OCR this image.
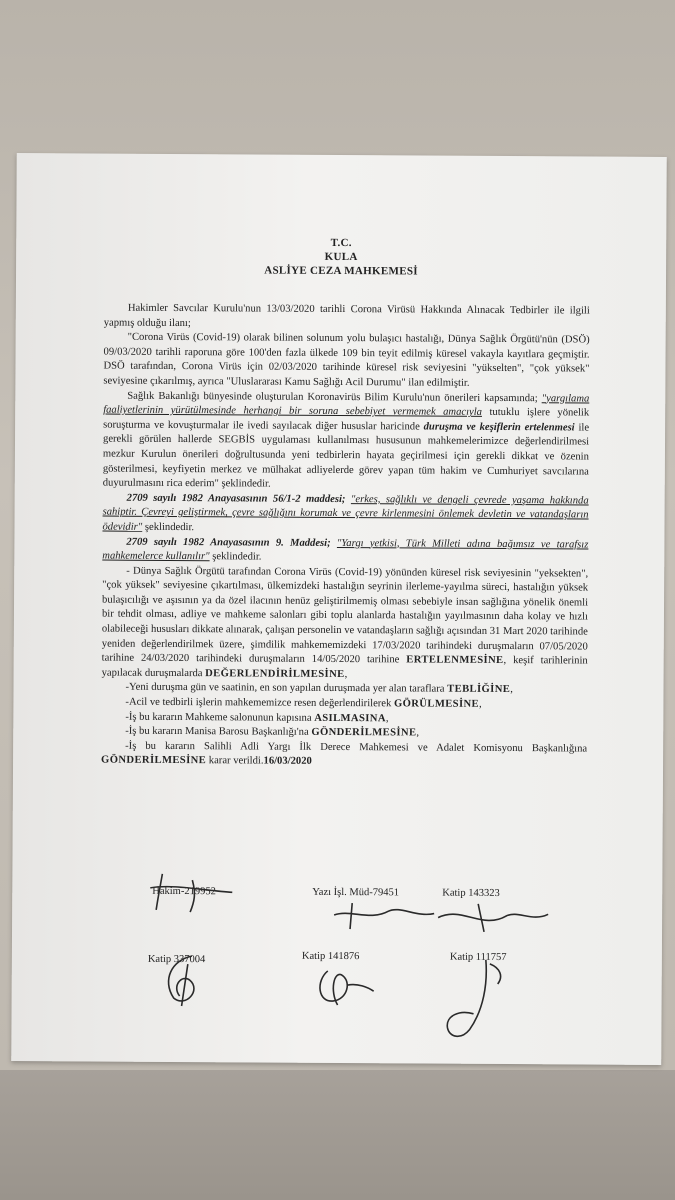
T.C.
KULA
ASLİYE CEZA MAHKEMESİ

Hakimler Savcılar Kurulu'nun 13/03/2020 tarihli Corona Virüsü Hakkında Alınacak Tedbirler ile ilgili yapmış olduğu ilanı;

"Corona Virüs (Covid-19) olarak bilinen solunum yolu bulaşıcı hastalığı, Dünya Sağlık Örgütü'nün (DSÖ) 09/03/2020 tarihli raporuna göre 100'den fazla ülkede 109 bin teyit edilmiş küresel vakayla kayıtlara geçmiştir. DSÖ tarafından, Corona Virüs için 02/03/2020 tarihinde küresel risk seviyesini "yükselten", "çok yüksek" seviyesine çıkarılmış, ayrıca "Uluslararası Kamu Sağlığı Acil Durumu" ilan edilmiştir.

Sağlık Bakanlığı bünyesinde oluşturulan Koronavirüs Bilim Kurulu'nun önerileri kapsamında; "yargılama faaliyetlerinin yürütülmesinde herhangi bir soruna sebebiyet vermemek amacıyla tutuklu işlere yönelik soruşturma ve kovuşturmalar ile ivedi sayılacak diğer hususlar haricinde duruşma ve keşiflerin ertelenmesi ile gerekli görülen hallerde SEGBİS uygulaması kullanılması hususunun mahkemelerimizce değerlendirilmesi mezkur Kurulun önerileri doğrultusunda yeni tedbirlerin hayata geçirilmesi için gerekli dikkat ve özenin gösterilmesi, keyfiyetin merkez ve mülhakat adliyelerde görev yapan tüm hakim ve Cumhuriyet savcılarına duyurulmasını rica ederim" şeklindedir.

2709 sayılı 1982 Anayasasının 56/1-2 maddesi; "erkes, sağlıklı ve dengeli çevrede yaşama hakkında sahiptir. Çevreyi geliştirmek, çevre sağlığını korumak ve çevre kirlenmesini önlemek devletin ve vatandaşların ödevidir" şeklindedir.

2709 sayılı 1982 Anayasasının 9. Maddesi; "Yargı yetkisi, Türk Milleti adına bağımsız ve tarafsız mahkemelerce kullanılır" şeklindedir.

- Dünya Sağlık Örgütü tarafından Corona Virüs (Covid-19) yönünden küresel risk seviyesinin "yeksekten", "çok yüksek" seviyesine çıkartılması, ülkemizdeki hastalığın seyrinin ilerleme-yayılma süreci, hastalığın yüksek bulaşıcılığı ve aşısının ya da özel ilacının henüz geliştirilmemiş olması sebebiyle insan sağlığına yönelik önemli bir tehdit olması, adliye ve mahkeme salonları gibi toplu alanlarda hastalığın yayılmasının daha kolay ve hızlı olabileceği hususları dikkate alınarak, çalışan personelin ve vatandaşların sağlığı açısından 31 Mart 2020 tarihinde yeniden değerlendirilmek üzere, şimdilik mahkememizdeki 17/03/2020 tarihindeki duruşmaların 07/05/2020 tarihine 24/03/2020 tarihindeki duruşmaların 14/05/2020 tarihine ERTELENMESİNE, keşif tarihlerinin yapılacak duruşmalarda DEĞERLENDİRİLMESİNE,

-Yeni duruşma gün ve saatinin, en son yapılan duruşmada yer alan taraflara TEBLİĞİNE,

-Acil ve tedbirli işlerin mahkememizce resen değerlendirilerek GÖRÜLMESİNE,

-İş bu kararın Mahkeme salonunun kapısına ASILMASINA,

-İş bu kararın Manisa Barosu Başkanlığı'na GÖNDERİLMESİNE,

-İş bu kararın Salihli Adli Yargı İlk Derece Mahkemesi ve Adalet Komisyonu Başkanlığına GÖNDERİLMESİNE karar verildi.16/03/2020

Hakim-219952	Yazı İşl. Müd-79451	Katip 143323
Katip 337004	Katip 141876	Katip 111757
